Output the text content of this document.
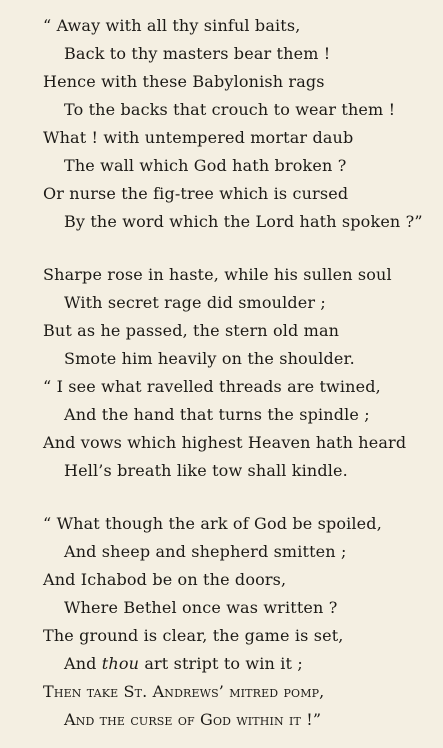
“ Away with all thy sinful baits,
Back to thy masters bear them !
Hence with these Babylonish rags
To the backs that crouch to wear them !
What ! with untempered mortar daub
The wall which God hath broken ?
Or nurse the fig-tree which is cursed
By the word which the Lord hath spoken ?”
Sharpe rose in haste, while his sullen soul
With secret rage did smoulder ;
But as he passed, the stern old man
Smote him heavily on the shoulder.
“ I see what ravelled threads are twined,
And the hand that turns the spindle ;
And vows which highest Heaven hath heard
Hell’s breath like tow shall kindle.
“ What though the ark of God be spoiled,
And sheep and shepherd smitten ;
And Ichabod be on the doors,
Where Bethel once was written ?
The ground is clear, the game is set,
And thou art stript to win it ;
Then take St. Andrews’ mitred pomp,
And the curse of God within it !”
